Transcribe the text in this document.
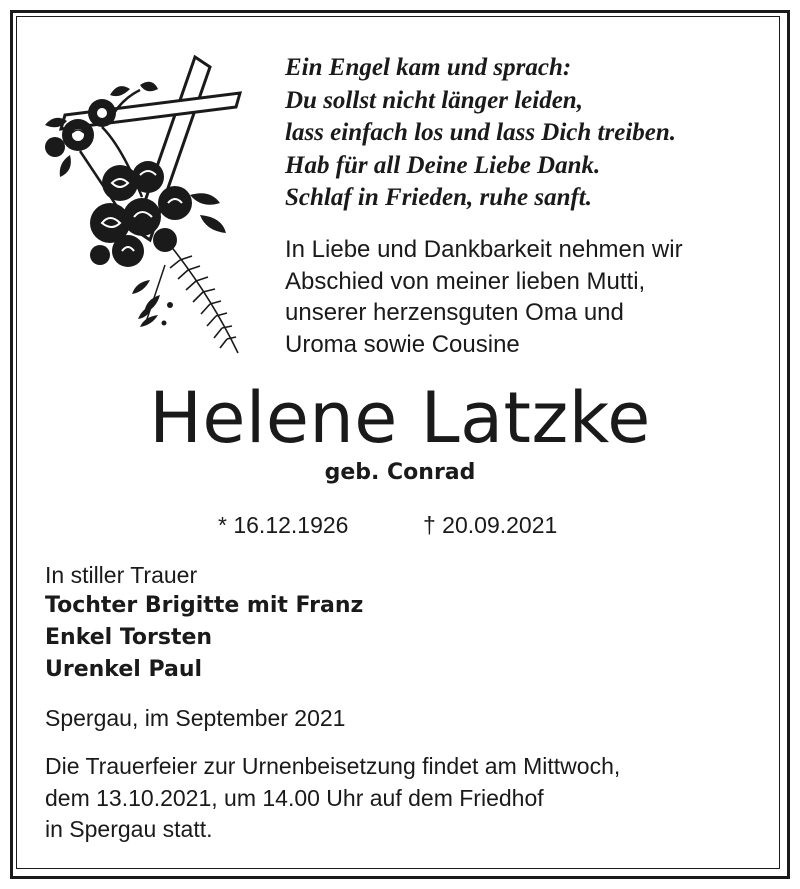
Ein Engel kam und sprach:
Du sollst nicht länger leiden,
lass einfach los und lass Dich treiben.
Hab für all Deine Liebe Dank.
Schlaf in Frieden, ruhe sanft.
In Liebe und Dankbarkeit nehmen wir
Abschied von meiner lieben Mutti,
unserer herzensguten Oma und
Uroma sowie Cousine
Helene Latzke
geb. Conrad
* 16.12.1926	† 20.09.2021
In stiller Trauer
Tochter Brigitte mit Franz
Enkel Torsten
Urenkel Paul
Spergau, im September 2021
Die Trauerfeier zur Urnenbeisetzung findet am Mittwoch,
dem 13.10.2021, um 14.00 Uhr auf dem Friedhof
in Spergau statt.
